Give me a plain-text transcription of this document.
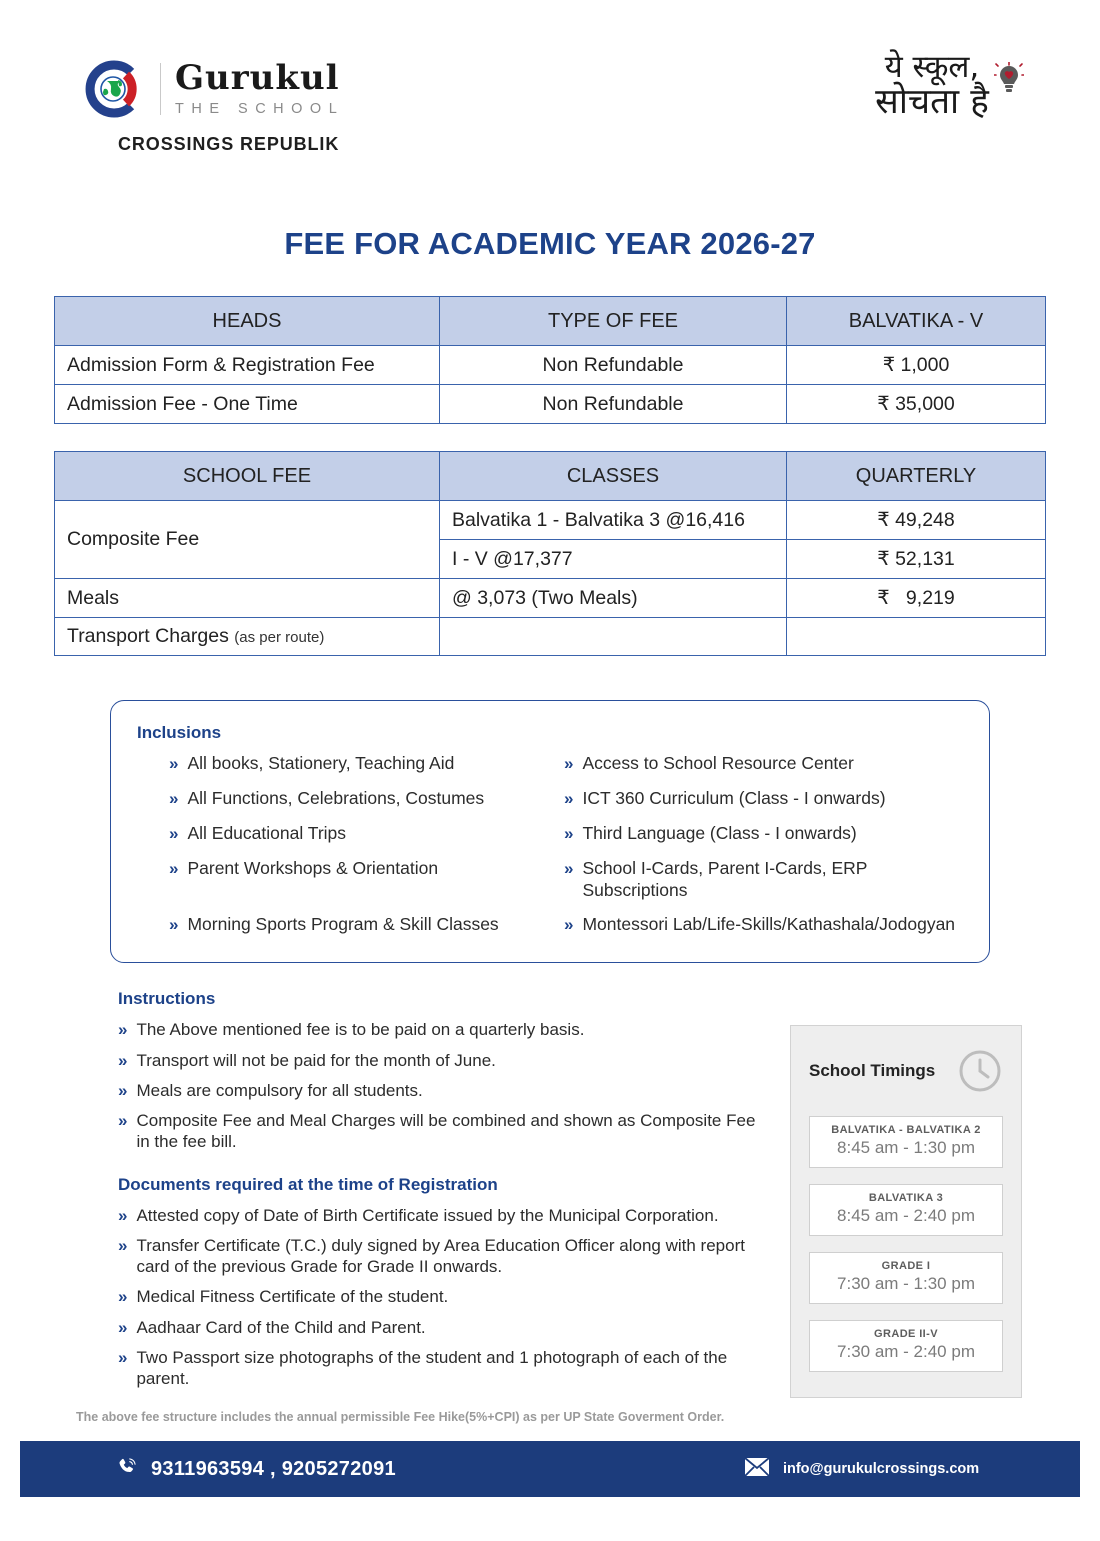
Gurukul
THE SCHOOL
CROSSINGS REPUBLIK
ये स्कूल,
सोचता है
FEE FOR ACADEMIC YEAR 2026-27
HEADS	TYPE OF FEE	BALVATIKA - V
Admission Form & Registration Fee	Non Refundable	₹ 1,000
Admission Fee - One Time	Non Refundable	₹ 35,000
SCHOOL FEE	CLASSES	QUARTERLY
Composite Fee	Balvatika 1 - Balvatika 3 @16,416	₹ 49,248
	I - V @17,377	₹ 52,131
Meals	@ 3,073 (Two Meals)	₹   9,219
Transport Charges (as per route)		
Inclusions
» All books, Stationery, Teaching Aid	» Access to School Resource Center
» All Functions, Celebrations, Costumes	» ICT 360 Curriculum (Class - I onwards)
» All Educational Trips	» Third Language (Class - I onwards)
» Parent Workshops & Orientation	» School I-Cards, Parent I-Cards, ERP Subscriptions
» Morning Sports Program & Skill Classes	» Montessori Lab/Life-Skills/Kathashala/Jodogyan
Instructions
» The Above mentioned fee is to be paid on a quarterly basis.
» Transport will not be paid for the month of June.
» Meals are compulsory for all students.
» Composite Fee and Meal Charges will be combined and shown as Composite Fee in the fee bill.
Documents required at the time of Registration
» Attested copy of Date of Birth Certificate issued by the Municipal Corporation.
» Transfer Certificate (T.C.) duly signed by Area Education Officer along with report card of the previous Grade for Grade II onwards.
» Medical Fitness Certificate of the student.
» Aadhaar Card of the Child and Parent.
» Two Passport size photographs of the student and 1 photograph of each of the parent.
School Timings
BALVATIKA - BALVATIKA 2
8:45 am - 1:30 pm
BALVATIKA 3
8:45 am - 2:40 pm
GRADE I
7:30 am - 1:30 pm
GRADE II-V
7:30 am - 2:40 pm
The above fee structure includes the annual permissible Fee Hike(5%+CPI) as per UP State Goverment Order.
9311963594 , 9205272091	info@gurukulcrossings.com
